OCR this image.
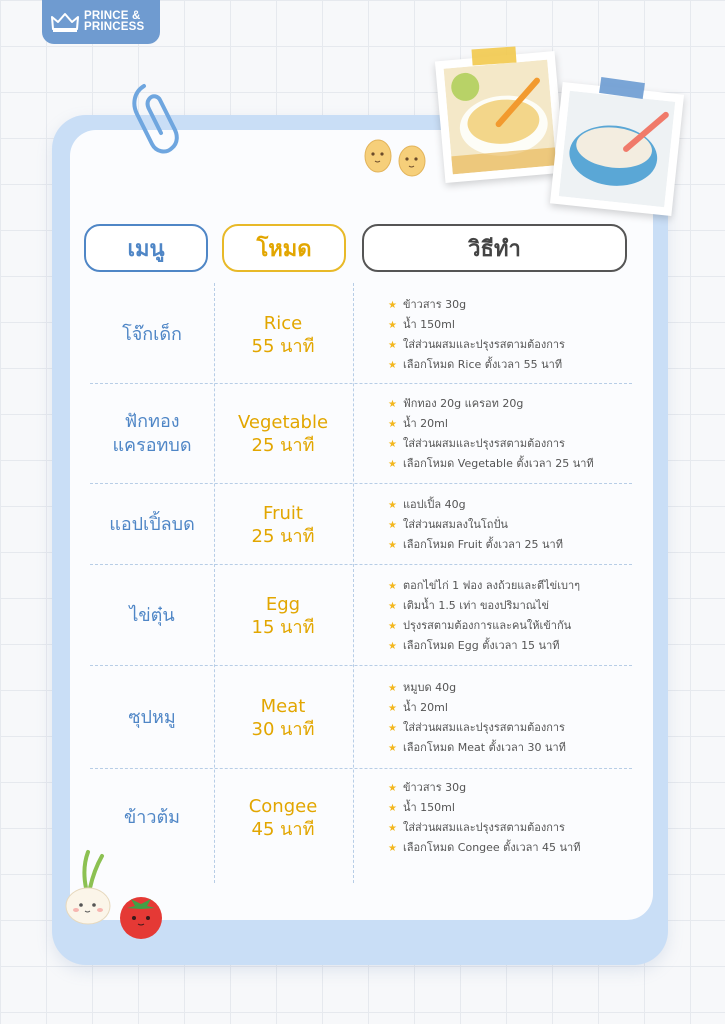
PRINCE &
PRINCESS
เมนู	โหมด	วิธีทำ
โจ๊กเด็ก
Rice
55 นาที
★ ข้าวสาร 30g
★ น้ำ 150ml
★ ใส่ส่วนผสมและปรุงรสตามต้องการ
★ เลือกโหมด Rice ตั้งเวลา 55 นาที
ฟักทอง
แครอทบด
Vegetable
25 นาที
★ ฟักทอง 20g แครอท 20g
★ น้ำ 20ml
★ ใส่ส่วนผสมและปรุงรสตามต้องการ
★ เลือกโหมด Vegetable ตั้งเวลา 25 นาที
แอปเปิ้ลบด
Fruit
25 นาที
★ แอปเปิ้ล 40g
★ ใส่ส่วนผสมลงในโถปั่น
★ เลือกโหมด Fruit ตั้งเวลา 25 นาที
ไข่ตุ๋น
Egg
15 นาที
★ ตอกไข่ไก่ 1 ฟอง ลงถ้วยและตีไข่เบาๆ
★ เติมน้ำ 1.5 เท่า ของปริมาณไข่
★ ปรุงรสตามต้องการและคนให้เข้ากัน
★ เลือกโหมด Egg ตั้งเวลา 15 นาที
ซุปหมู
Meat
30 นาที
★ หมูบด 40g
★ น้ำ 20ml
★ ใส่ส่วนผสมและปรุงรสตามต้องการ
★ เลือกโหมด Meat ตั้งเวลา 30 นาที
ข้าวต้ม
Congee
45 นาที
★ ข้าวสาร 30g
★ น้ำ 150ml
★ ใส่ส่วนผสมและปรุงรสตามต้องการ
★ เลือกโหมด Congee ตั้งเวลา 45 นาที
